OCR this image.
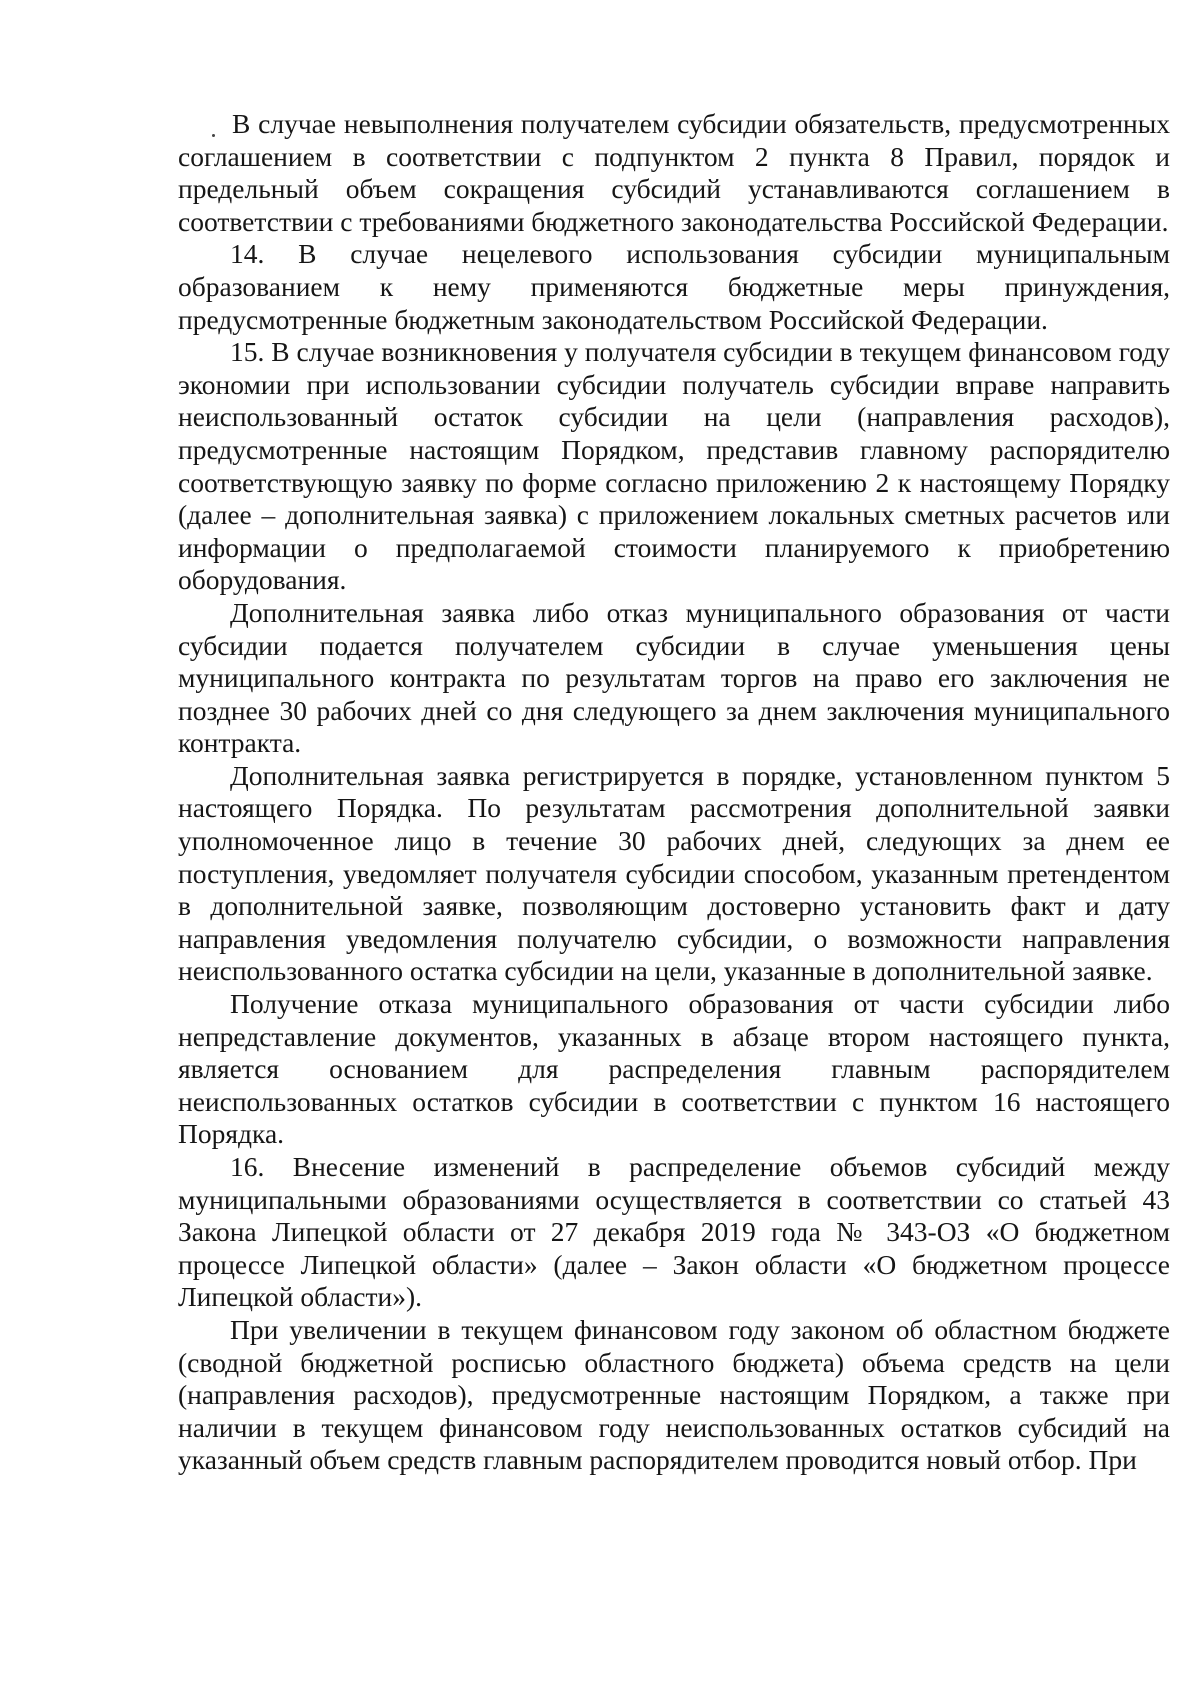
В случае невыполнения получателем субсидии обязательств, предусмотренных соглашением в соответствии с подпунктом 2 пункта 8 Правил, порядок и предельный объем сокращения субсидий устанавливаются соглашением в соответствии с требованиями бюджетного законодательства Российской Федерации.

14. В случае нецелевого использования субсидии муниципальным образованием к нему применяются бюджетные меры принуждения, предусмотренные бюджетным законодательством Российской Федерации.

15. В случае возникновения у получателя субсидии в текущем финансовом году экономии при использовании субсидии получатель субсидии вправе направить неиспользованный остаток субсидии на цели (направления расходов), предусмотренные настоящим Порядком, представив главному распорядителю соответствующую заявку по форме согласно приложению 2 к настоящему Порядку (далее – дополнительная заявка) с приложением локальных сметных расчетов или информации о предполагаемой стоимости планируемого к приобретению оборудования.

Дополнительная заявка либо отказ муниципального образования от части субсидии подается получателем субсидии в случае уменьшения цены муниципального контракта по результатам торгов на право его заключения не позднее 30 рабочих дней со дня следующего за днем заключения муниципального контракта.

Дополнительная заявка регистрируется в порядке, установленном пунктом 5 настоящего Порядка. По результатам рассмотрения дополнительной заявки уполномоченное лицо в течение 30 рабочих дней, следующих за днем ее поступления, уведомляет получателя субсидии способом, указанным претендентом в дополнительной заявке, позволяющим достоверно установить факт и дату направления уведомления получателю субсидии, о возможности направления неиспользованного остатка субсидии на цели, указанные в дополнительной заявке.

Получение отказа муниципального образования от части субсидии либо непредставление документов, указанных в абзаце втором настоящего пункта, является основанием для распределения главным распорядителем неиспользованных остатков субсидии в соответствии с пунктом 16 настоящего Порядка.

16. Внесение изменений в распределение объемов субсидий между муниципальными образованиями осуществляется в соответствии со статьей 43 Закона Липецкой области от 27 декабря 2019 года № 343-ОЗ «О бюджетном процессе Липецкой области» (далее – Закон области «О бюджетном процессе Липецкой области»).

При увеличении в текущем финансовом году законом об областном бюджете (сводной бюджетной росписью областного бюджета) объема средств на цели (направления расходов), предусмотренные настоящим Порядком, а также при наличии в текущем финансовом году неиспользованных остатков субсидий на указанный объем средств главным распорядителем проводится новый отбор. При
